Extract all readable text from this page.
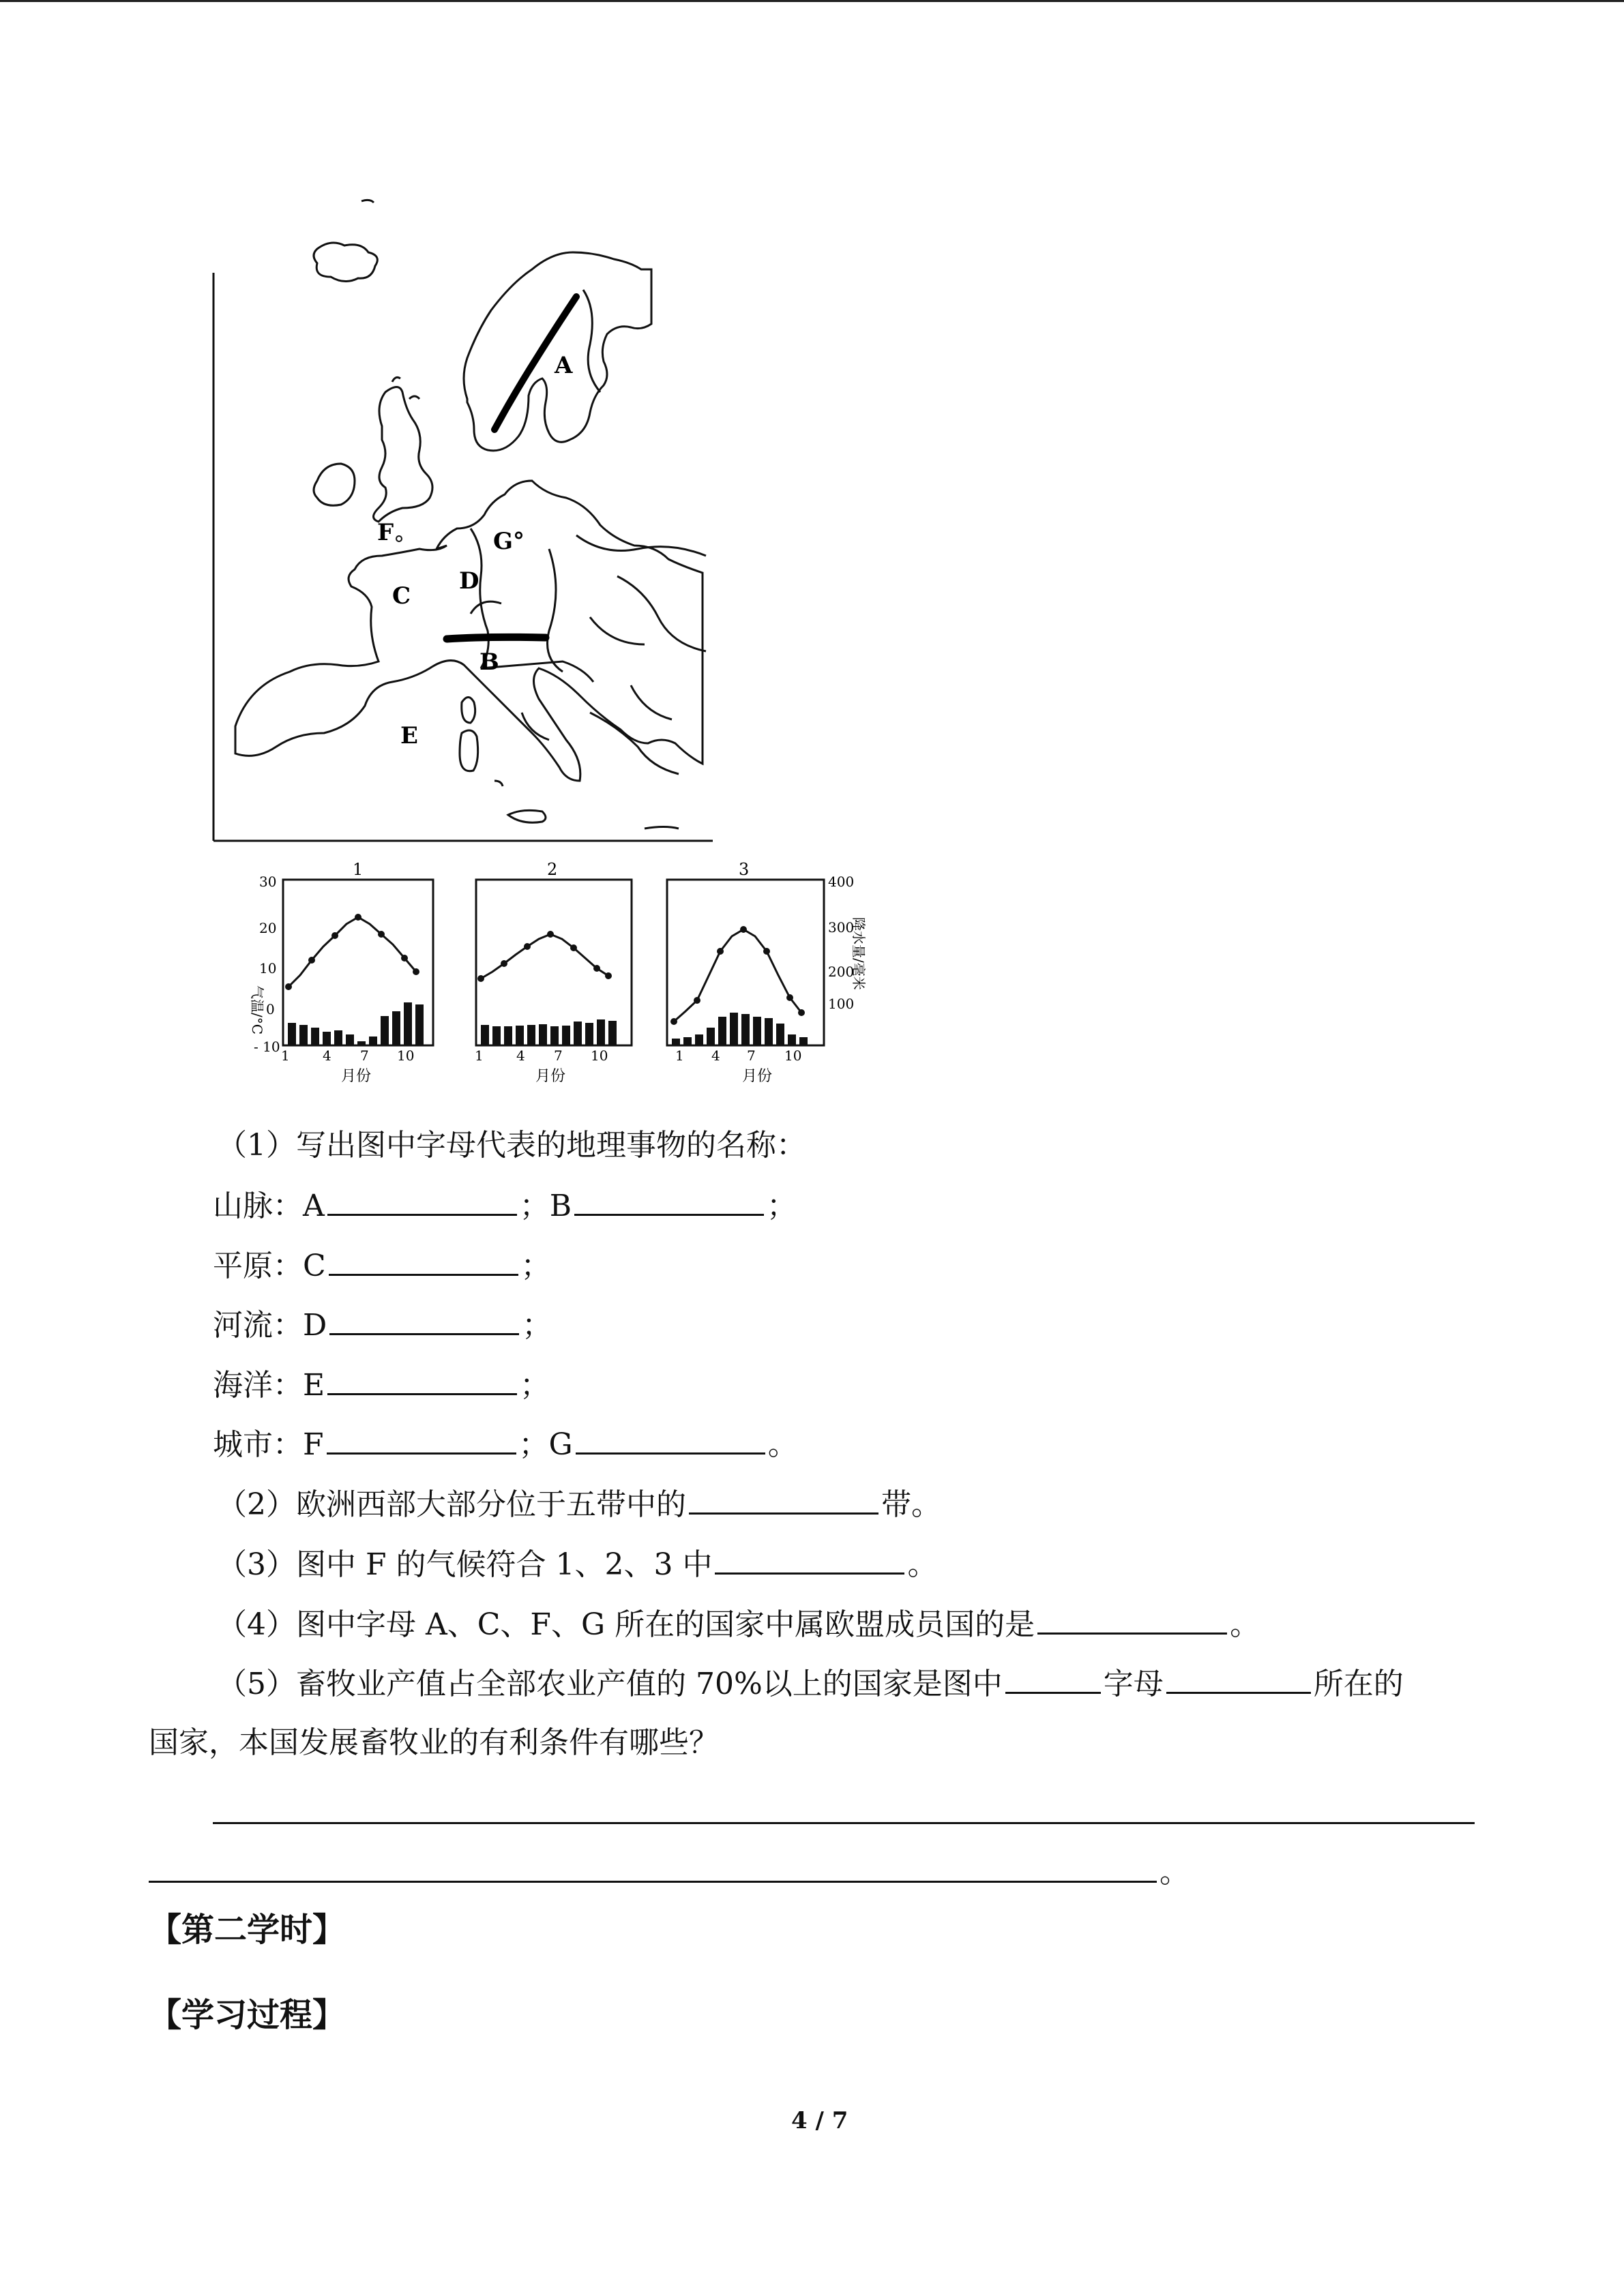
A
F	G°
C
D
B
E
1	2	3
30
20
10
0
- 10
气温/°C
400
300
200
100
降水量/毫米
1 4 7 10	1 4 7 10	1 4 7 10
月份	月份	月份
（1）写出图中字母代表的地理事物的名称：
山脉：A	；B	；
平原：C	；
河流：D	；
海洋：E	；
城市：F	；G	。
（2）欧洲西部大部分位于五带中的	带。
（3）图中 F 的气候符合 1、2、3 中	。
（4）图中字母 A、C、F、G 所在的国家中属欧盟成员国的是	。
（5）畜牧业产值占全部农业产值的 70%以上的国家是图中	字母	所在的
国家，本国发展畜牧业的有利条件有哪些？
。
【第二学时】
【学习过程】
4 / 7
